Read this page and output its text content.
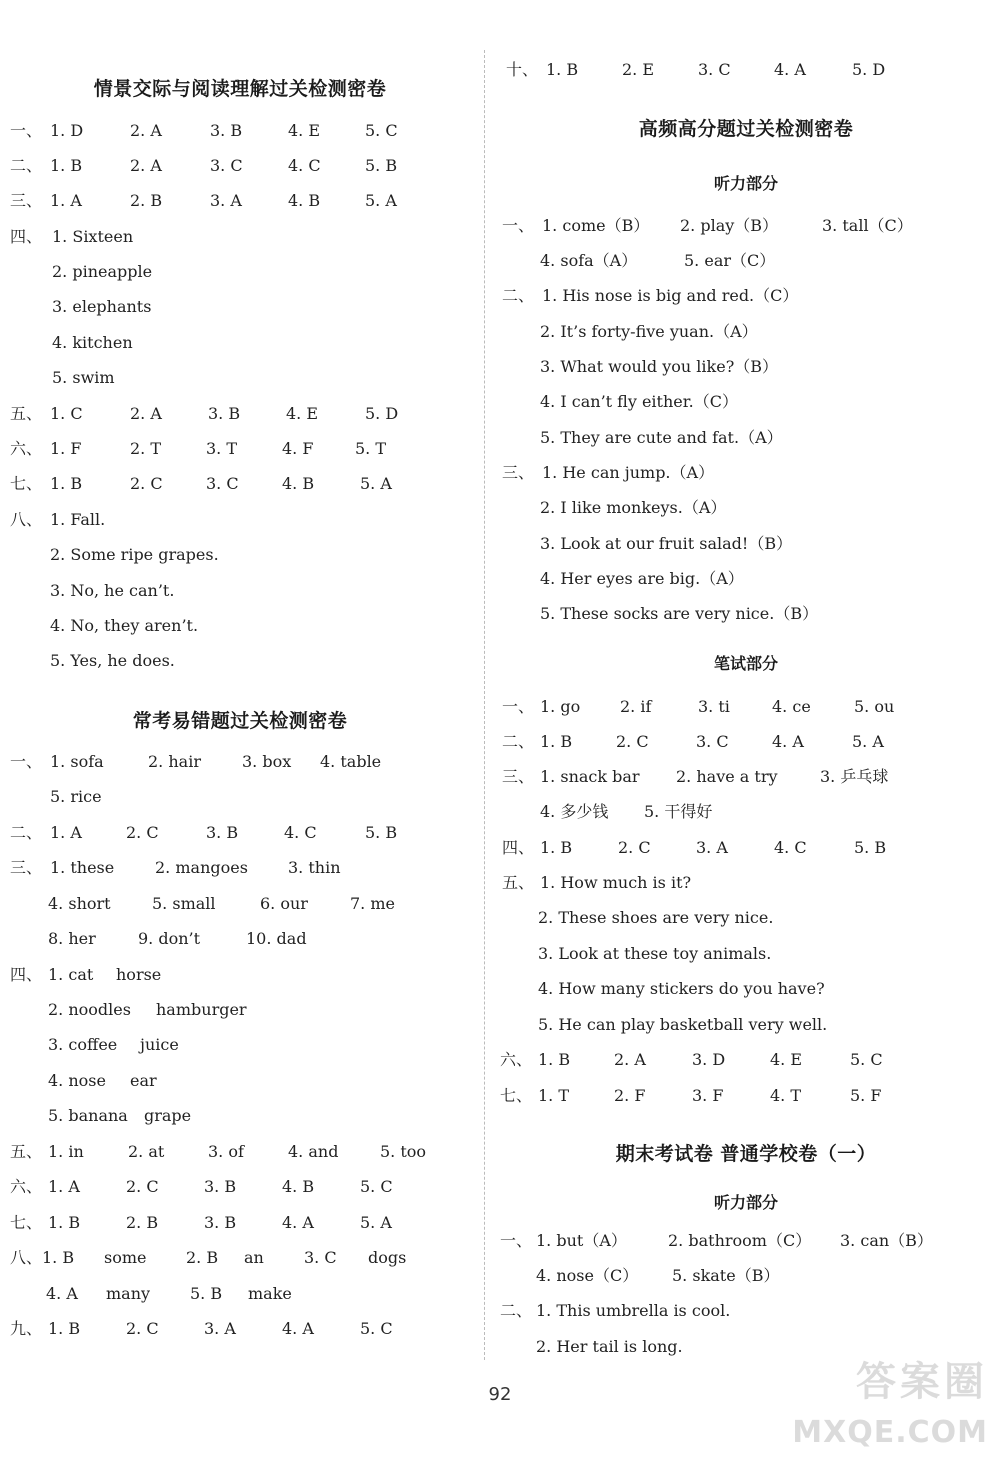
情景交际与阅读理解过关检测密卷
一、 1. D	2. A	3. B	4. E	5. C
二、 1. B	2. A	3. C	4. C	5. B
三、 1. A	2. B	3. A	4. B	5. A
四、 1. Sixteen
2. pineapple
3. elephants
4. kitchen
5. swim
五、 1. C	2. A	3. B	4. E	5. D
六、 1. F	2. T	3. T	4. F	5. T
七、 1. B	2. C	3. C	4. B	5. A
八、 1. Fall.
2. Some ripe grapes.
3. No, he can’t.
4. No, they aren’t.
5. Yes, he does.
常考易错题过关检测密卷
一、 1. sofa	2. hair	3. box 4. table
5. rice
二、 1. A	2. C	3. B	4. C	5. B
三、 1. these	2. mangoes	3. thin
4. short	5. small	6. our	7. me
8. her	9. don’t	10. dad
四、 1. cat horse
2. noodles hamburger
3. coffee juice
4. nose ear
5. banana grape
五、 1. in	2. at	3. of	4. and	5. too
六、 1. A	2. C	3. B	4. B	5. C
七、 1. B	2. B	3. B	4. A	5. A
八、 1. B some 2. B an	3. C dogs
4. A many 5. B make
九、 1. B	2. C	3. A	4. A	5. C
十、 1. B	2. E	3. C	4. A	5. D
高频高分题过关检测密卷
听力部分
一、 1. come（B） 2. play（B）	3. tall（C）
4. sofa（A）	5. ear（C）
二、 1. His nose is big and red.（C）
2. It’s forty-five yuan.（A）
3. What would you like?（B）
4. I can’t fly either.（C）
5. They are cute and fat.（A）
三、 1. He can jump.（A）
2. I like monkeys.（A）
3. Look at our fruit salad!（B）
4. Her eyes are big.（A）
5. These socks are very nice.（B）
笔试部分
一、 1. go 2. if	3. ti	4. ce	5. ou
二、 1. B	2. C	3. C	4. A	5. A
三、 1. snack bar 2. have a try	3. 乒乓球
4. 多少钱 5. 干得好
四、 1. B	2. C	3. A	4. C	5. B
五、 1. How much is it?
2. These shoes are very nice.
3. Look at these toy animals.
4. How many stickers do you have?
5. He can play basketball very well.
六、 1. B	2. A	3. D	4. E	5. C
七、 1. T	2. F	3. F	4. T	5. F
期末考试卷 普通学校卷（一）
听力部分
一、 1. but（A）	2. bathroom（C） 3. can（B）
4. nose（C） 5. skate（B）
二、 1. This umbrella is cool.
2. Her tail is long.
92	答案圈
MXQE.COM
